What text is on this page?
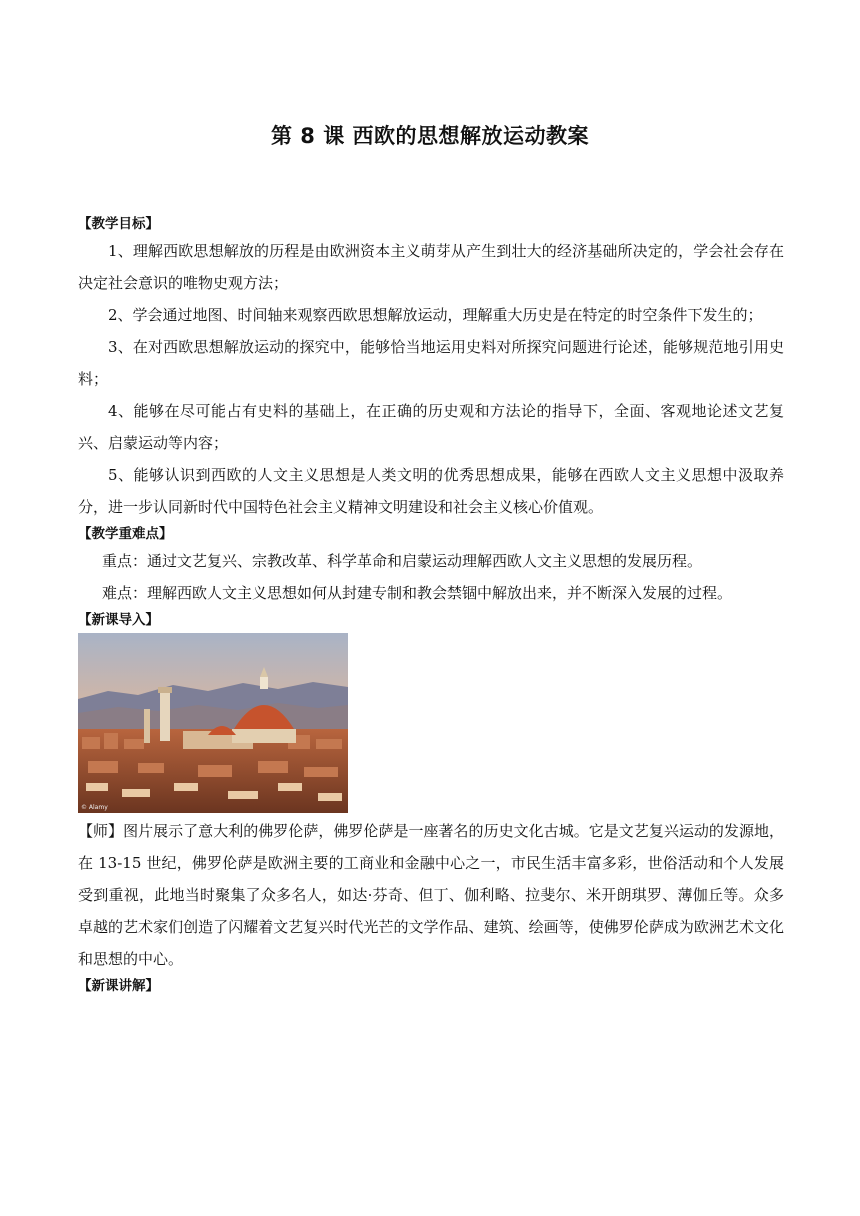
第 8 课 西欧的思想解放运动教案
【教学目标】

1、理解西欧思想解放的历程是由欧洲资本主义萌芽从产生到壮大的经济基础所决定的，学会社会存在决定社会意识的唯物史观方法；

2、学会通过地图、时间轴来观察西欧思想解放运动，理解重大历史是在特定的时空条件下发生的；

3、在对西欧思想解放运动的探究中，能够恰当地运用史料对所探究问题进行论述，能够规范地引用史料；

4、能够在尽可能占有史料的基础上，在正确的历史观和方法论的指导下，全面、客观地论述文艺复兴、启蒙运动等内容；

5、能够认识到西欧的人文主义思想是人类文明的优秀思想成果，能够在西欧人文主义思想中汲取养分，进一步认同新时代中国特色社会主义精神文明建设和社会主义核心价值观。

【教学重难点】

重点：通过文艺复兴、宗教改革、科学革命和启蒙运动理解西欧人文主义思想的发展历程。

难点：理解西欧人文主义思想如何从封建专制和教会禁锢中解放出来，并不断深入发展的过程。

【新课导入】
© Alamy

【师】图片展示了意大利的佛罗伦萨，佛罗伦萨是一座著名的历史文化古城。它是文艺复兴运动的发源地，在 13-15 世纪，佛罗伦萨是欧洲主要的工商业和金融中心之一，市民生活丰富多彩，世俗活动和个人发展受到重视，此地当时聚集了众多名人，如达·芬奇、但丁、伽利略、拉斐尔、米开朗琪罗、薄伽丘等。众多卓越的艺术家们创造了闪耀着文艺复兴时代光芒的文学作品、建筑、绘画等，使佛罗伦萨成为欧洲艺术文化和思想的中心。

【新课讲解】
